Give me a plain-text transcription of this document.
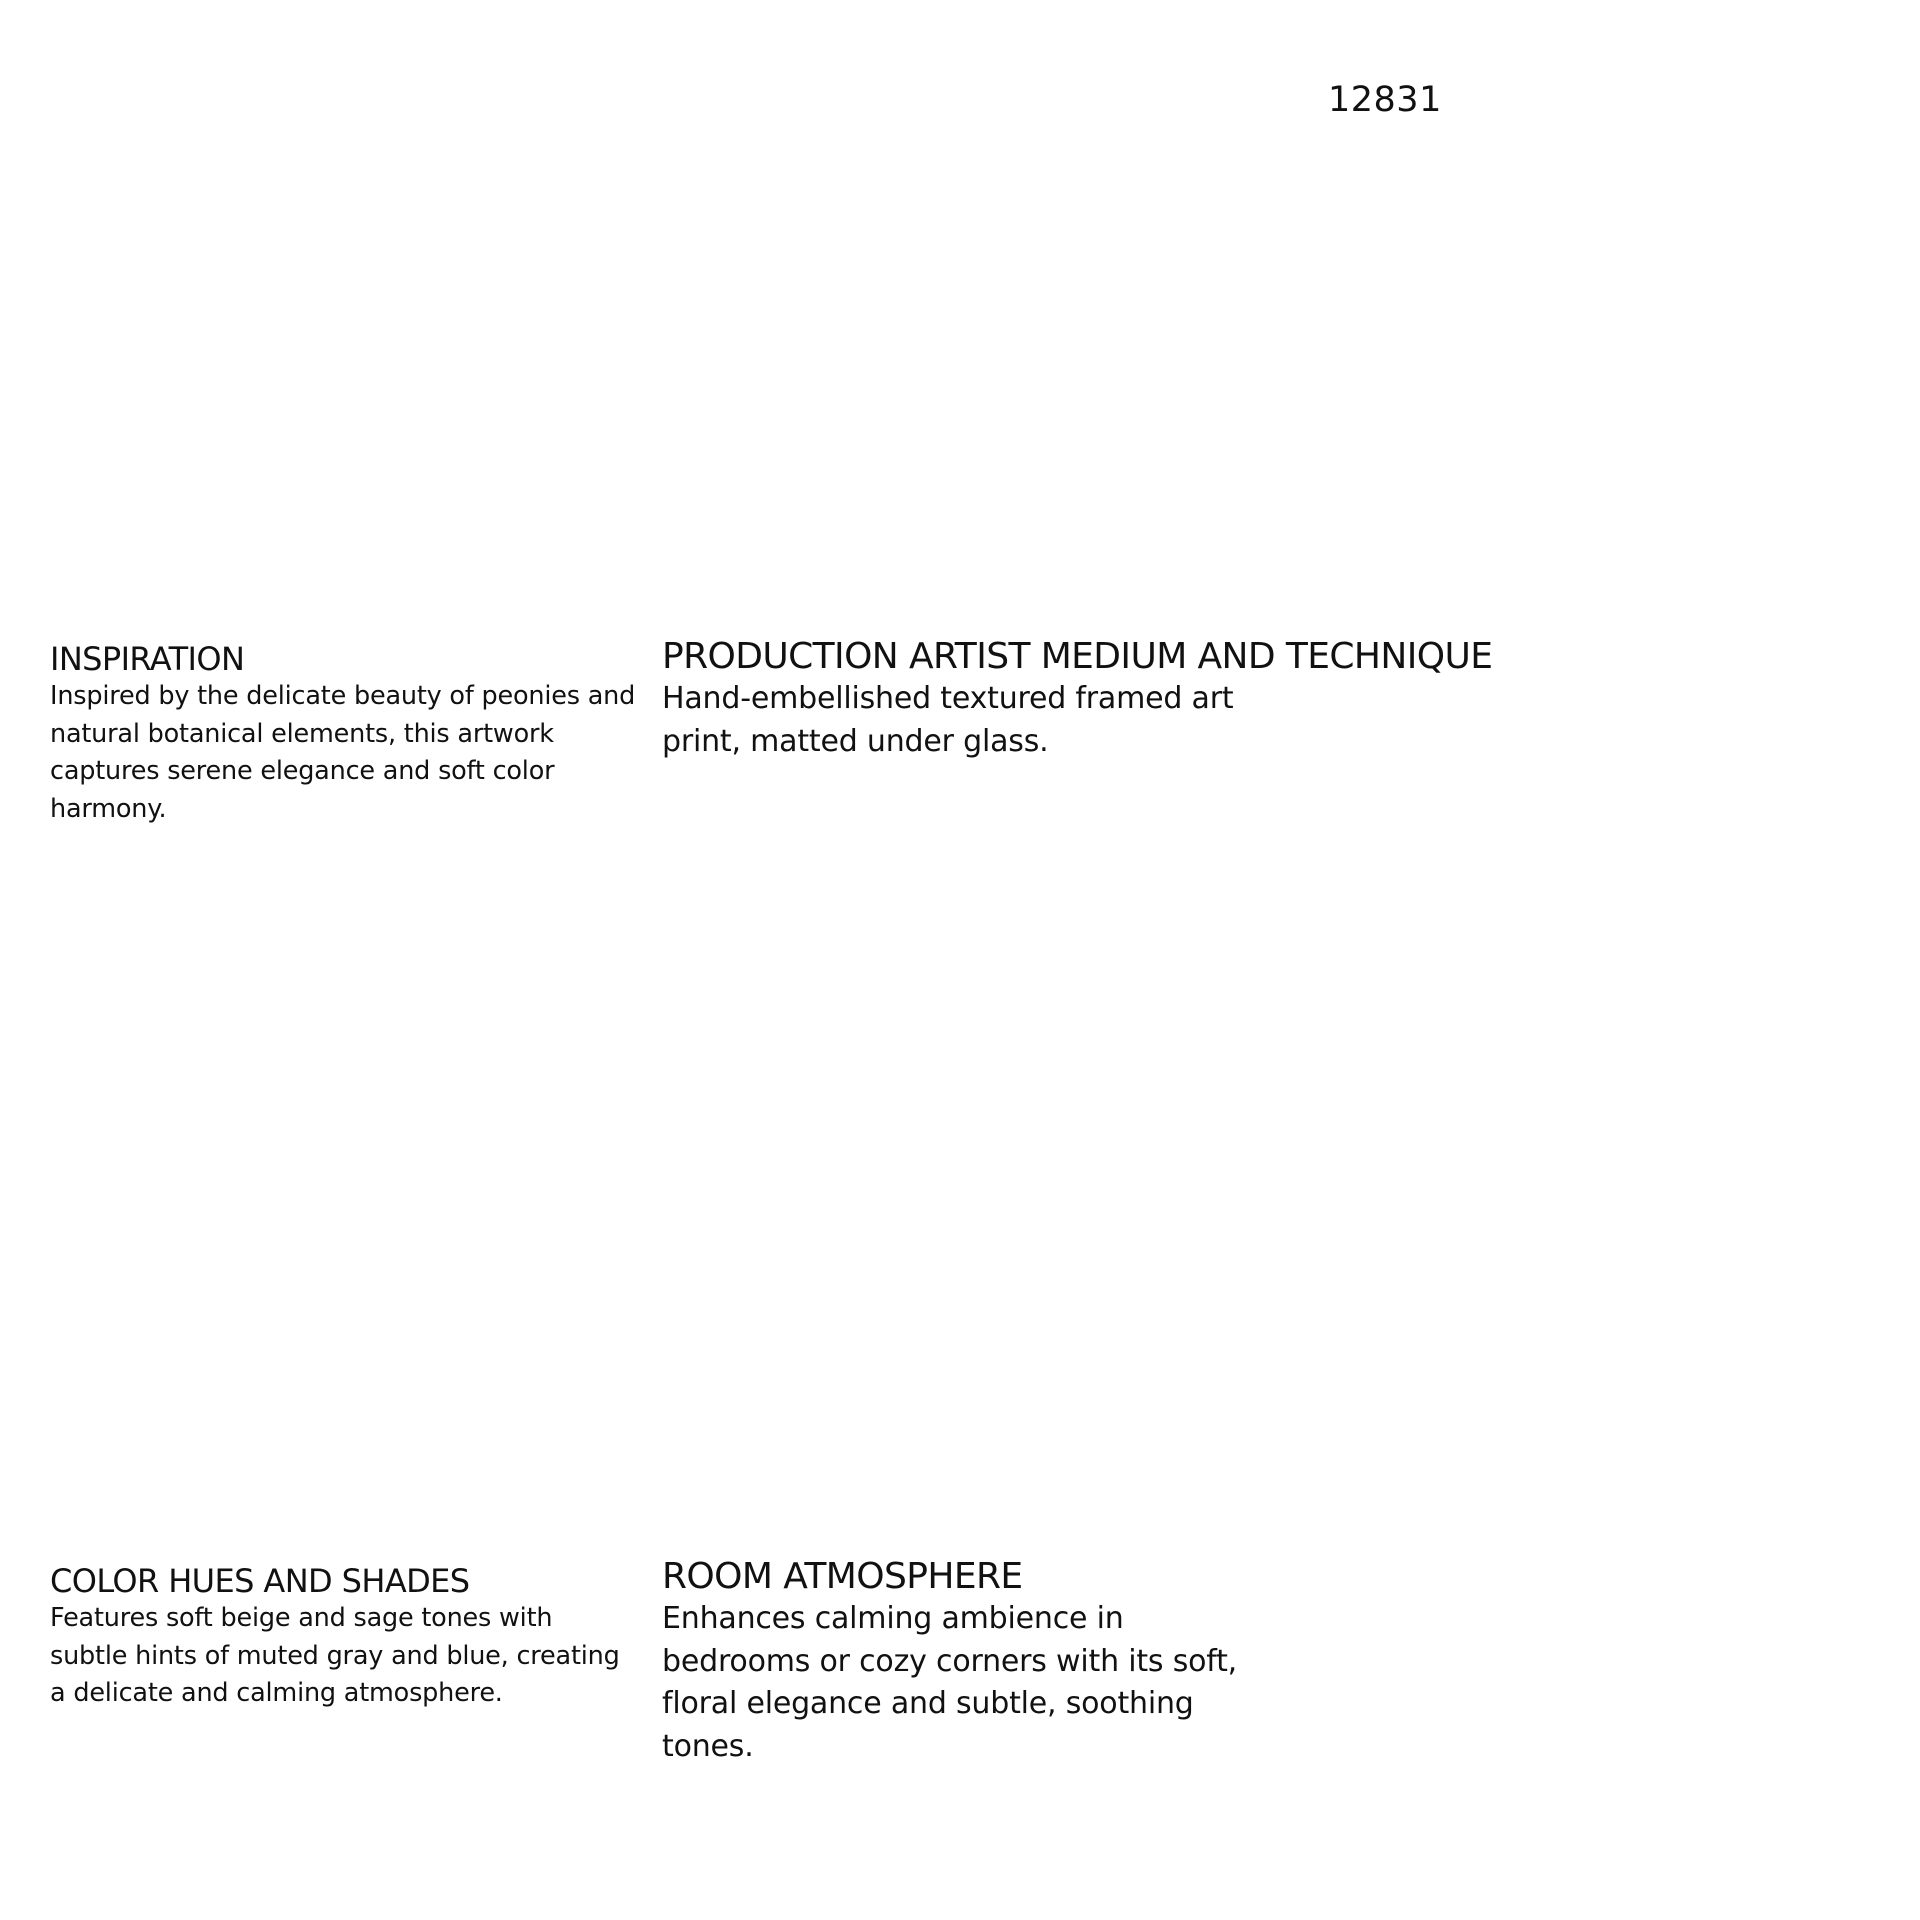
12831
INSPIRATION

Inspired by the delicate beauty of peonies and
natural botanical elements, this artwork
captures serene elegance and soft color
harmony.

PRODUCTION ARTIST MEDIUM AND TECHNIQUE

Hand-embellished textured framed art
print, matted under glass.

COLOR HUES AND SHADES

Features soft beige and sage tones with
subtle hints of muted gray and blue, creating
a delicate and calming atmosphere.

ROOM ATMOSPHERE

Enhances calming ambience in
bedrooms or cozy corners with its soft,
floral elegance and subtle, soothing
tones.
